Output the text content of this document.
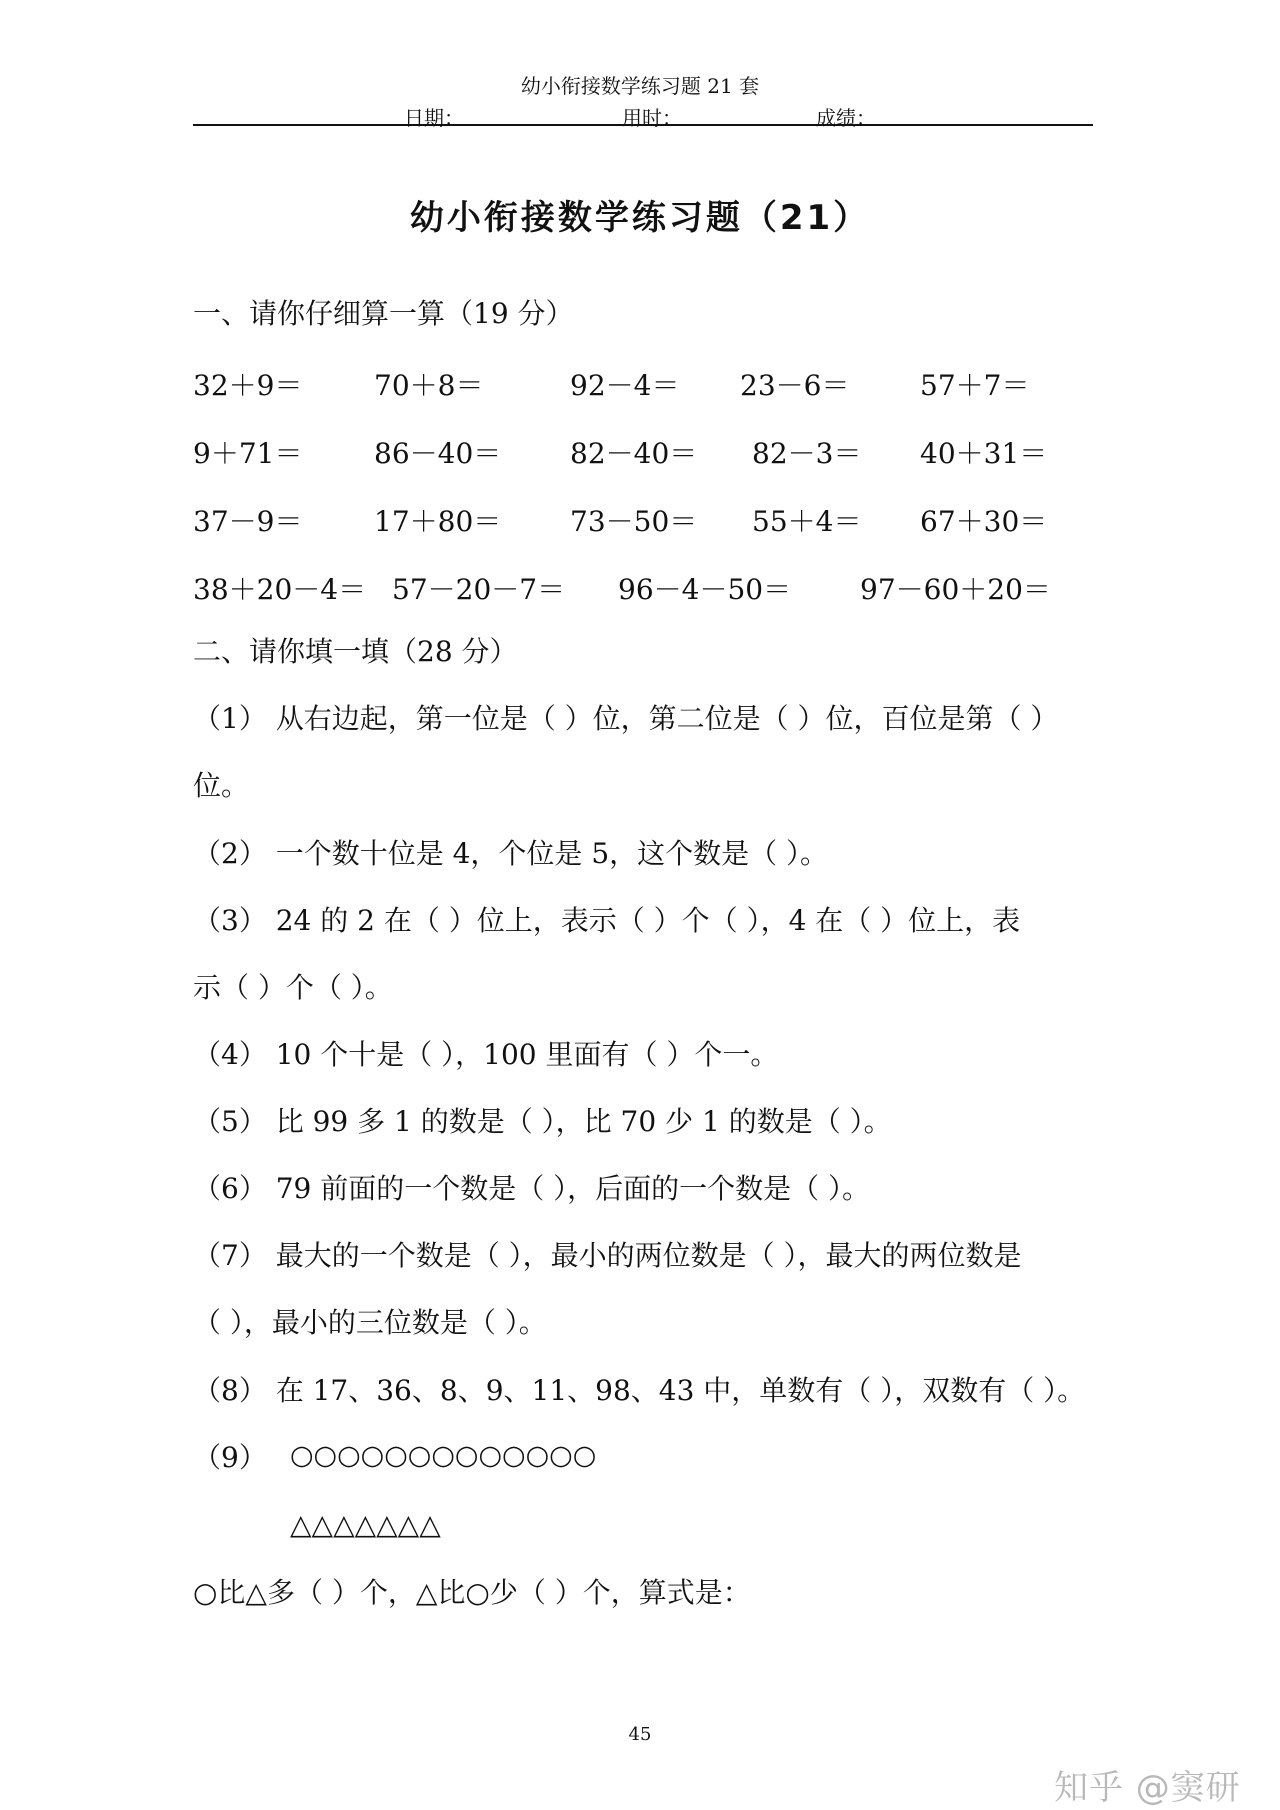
幼小衔接数学练习题 21 套
日期：	用时：	成绩：
幼小衔接数学练习题（21）
一、请你仔细算一算（19 分）
32＋9＝	70＋8＝	92－4＝ 23－6＝	57＋7＝
9＋71＝	86－40＝ 82－40＝ 82－3＝ 40＋31＝
37－9＝	17＋80＝ 73－50＝ 55＋4＝ 67＋30＝
38＋20－4＝ 57－20－7＝ 96－4－50＝ 97－60＋20＝
二、请你填一填（28 分）
（1） 从右边起，第一位是（ ）位，第二位是（ ）位，百位是第（ ）
位。
（2） 一个数十位是 4，个位是 5，这个数是（ ）。
（3） 24 的 2 在（ ）位上，表示（ ）个（ ），4 在（ ）位上，表
示（ ）个（ ）。
（4） 10 个十是（ ），100 里面有（ ）个一。
（5） 比 99 多 1 的数是（ ），比 70 少 1 的数是（ ）。
（6） 79 前面的一个数是（ ），后面的一个数是（ ）。
（7） 最大的一个数是（ ），最小的两位数是（ ），最大的两位数是
（ ），最小的三位数是（ ）。
（8） 在 17、36、8、9、11、98、43 中，单数有（ ），双数有（ ）。
（9） ○○○○○○○○○○○○○
△△△△△△△
○比△多（ ）个，△比○少（ ）个，算式是：
45
知乎 @窦研
